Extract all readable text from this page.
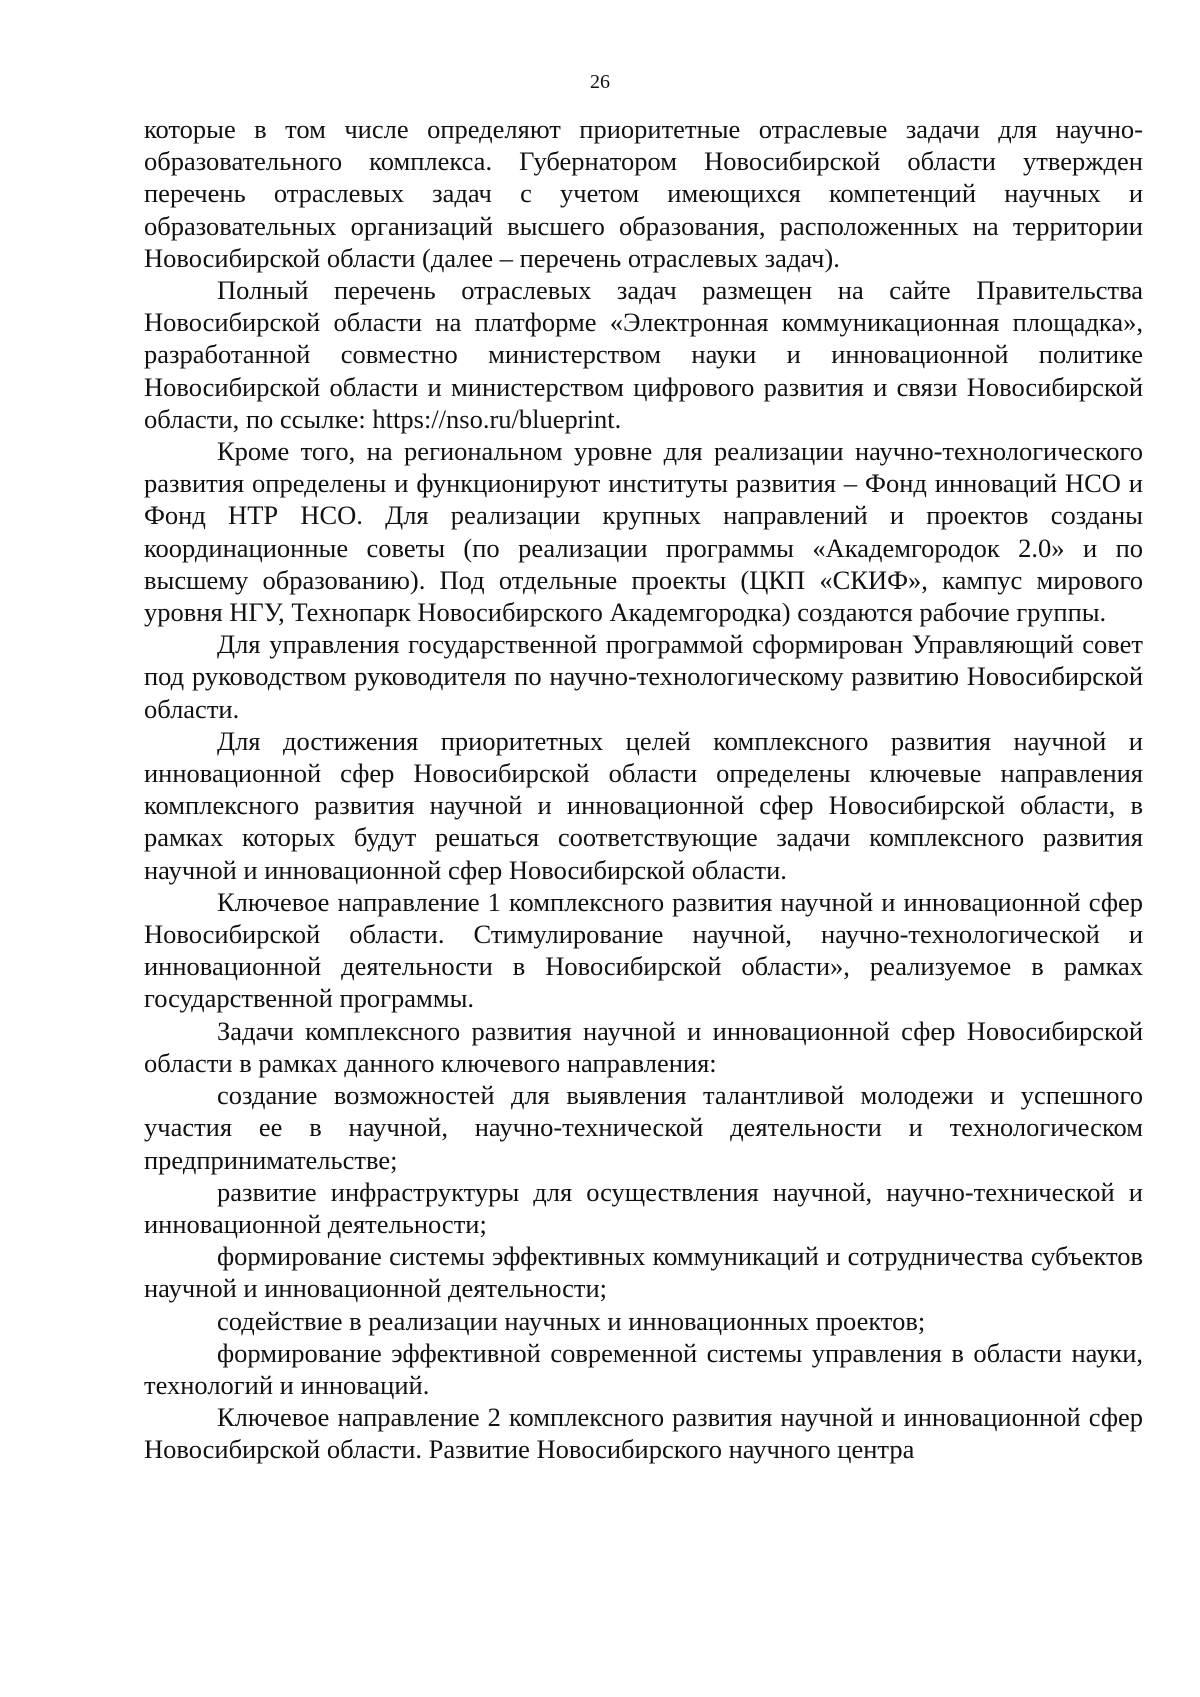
26

которые в том числе определяют приоритетные отраслевые задачи для научно-образовательного комплекса. Губернатором Новосибирской области утвержден перечень отраслевых задач с учетом имеющихся компетенций научных и образовательных организаций высшего образования, расположенных на территории Новосибирской области (далее – перечень отраслевых задач).

Полный перечень отраслевых задач размещен на сайте Правительства Новосибирской области на платформе «Электронная коммуникационная площадка», разработанной совместно министерством науки и инновационной политике Новосибирской области и министерством цифрового развития и связи Новосибирской области, по ссылке: https://nso.ru/blueprint.

Кроме того, на региональном уровне для реализации научно-технологического развития определены и функционируют институты развития – Фонд инноваций НСО и Фонд НТР НСО. Для реализации крупных направлений и проектов созданы координационные советы (по реализации программы «Академгородок 2.0» и по высшему образованию). Под отдельные проекты (ЦКП «СКИФ», кампус мирового уровня НГУ, Технопарк Новосибирского Академгородка) создаются рабочие группы.

Для управления государственной программой сформирован Управляющий совет под руководством руководителя по научно-технологическому развитию Новосибирской области.

Для достижения приоритетных целей комплексного развития научной и инновационной сфер Новосибирской области определены ключевые направления комплексного развития научной и инновационной сфер Новосибирской области, в рамках которых будут решаться соответствующие задачи комплексного развития научной и инновационной сфер Новосибирской области.

Ключевое направление 1 комплексного развития научной и инновационной сфер Новосибирской области. Стимулирование научной, научно-технологической и инновационной деятельности в Новосибирской области», реализуемое в рамках государственной программы.

Задачи комплексного развития научной и инновационной сфер Новосибирской области в рамках данного ключевого направления:

создание возможностей для выявления талантливой молодежи и успешного участия ее в научной, научно-технической деятельности и технологическом предпринимательстве;

развитие инфраструктуры для осуществления научной, научно-технической и инновационной деятельности;

формирование системы эффективных коммуникаций и сотрудничества субъектов научной и инновационной деятельности;

содействие в реализации научных и инновационных проектов;

формирование эффективной современной системы управления в области науки, технологий и инноваций.

Ключевое направление 2 комплексного развития научной и инновационной сфер Новосибирской области. Развитие Новосибирского научного центра
